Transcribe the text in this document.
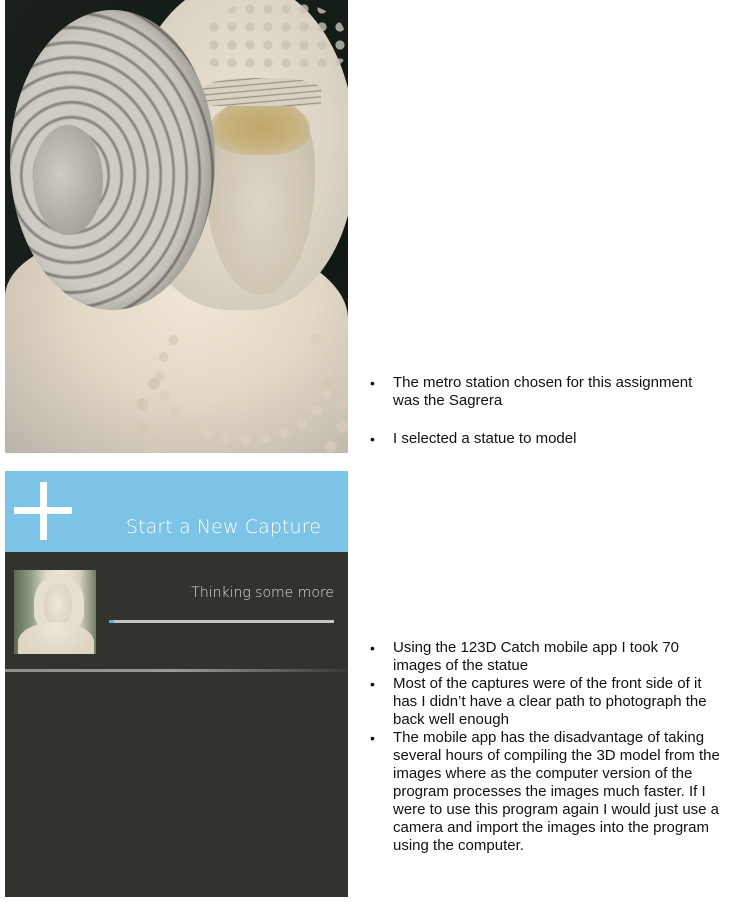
• The metro station chosen for this assignment was the Sagrera
• I selected a statue to model
Start a New Capture
Thinking some more
• Using the 123D Catch mobile app I took 70 images of the statue
• Most of the captures were of the front side of it has I didn’t have a clear path to photograph the back well enough
• The mobile app has the disadvantage of taking several hours of compiling the 3D model from the images where as the computer version of the program processes the images much faster. If I were to use this program again I would just use a camera and import the images into the program using the computer.
